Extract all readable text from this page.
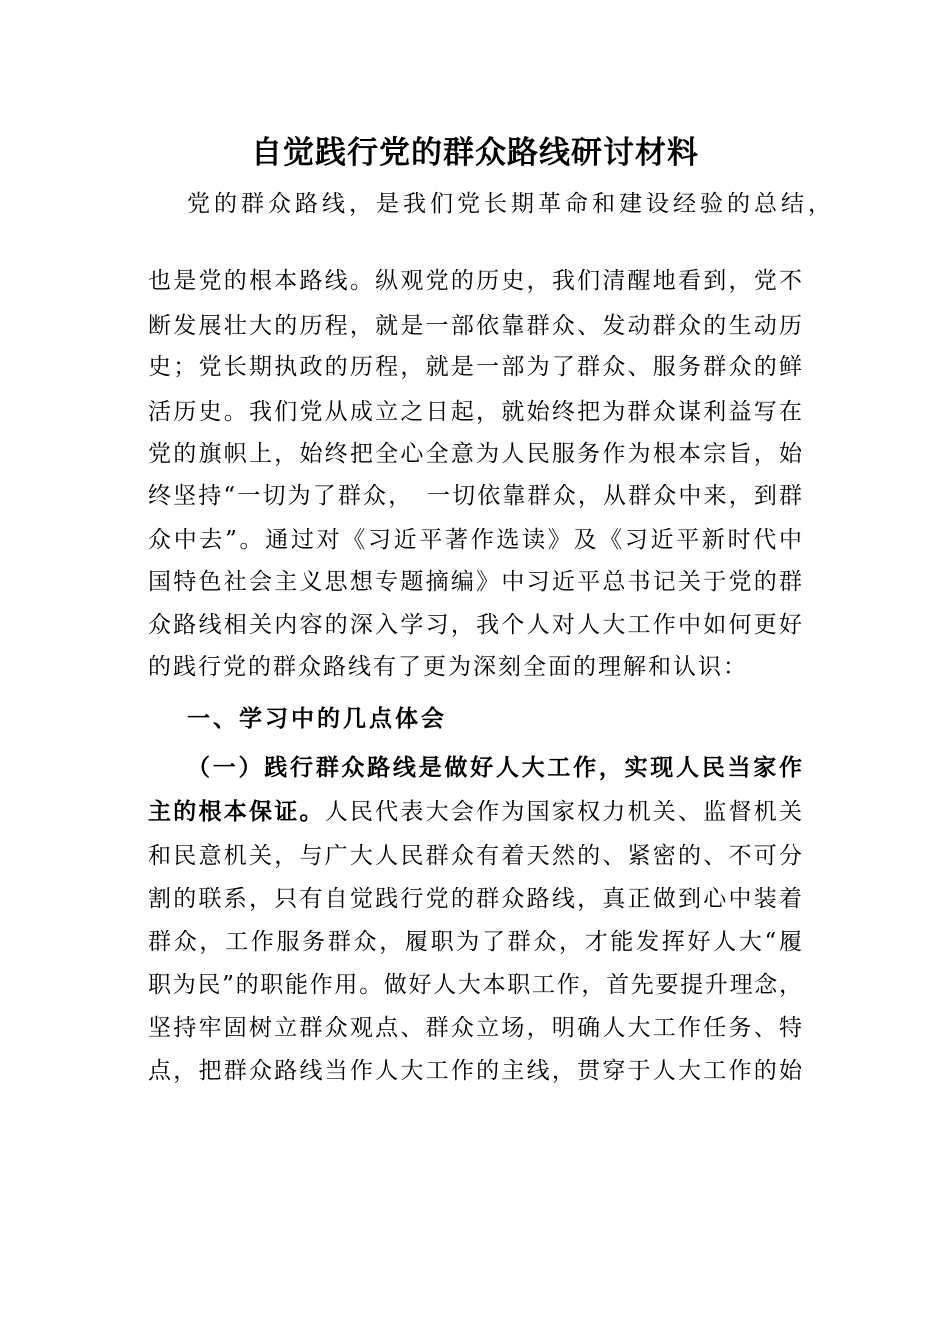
自觉践行党的群众路线研讨材料
党的群众路线，是我们党长期革命和建设经验的总结，
也是党的根本路线。纵观党的历史，我们清醒地看到，党不
断发展壮大的历程，就是一部依靠群众、发动群众的生动历
史；党长期执政的历程，就是一部为了群众、服务群众的鲜
活历史。我们党从成立之日起，就始终把为群众谋利益写在
党的旗帜上，始终把全心全意为人民服务作为根本宗旨，始
终坚持“一切为了群众，　一切依靠群众，从群众中来，到群
众中去”。通过对《习近平著作选读》及《习近平新时代中
国特色社会主义思想专题摘编》中习近平总书记关于党的群
众路线相关内容的深入学习，我个人对人大工作中如何更好
的践行党的群众路线有了更为深刻全面的理解和认识：
一、学习中的几点体会
（一）践行群众路线是做好人大工作，实现人民当家作
主的根本保证。人民代表大会作为国家权力机关、监督机关
和民意机关，与广大人民群众有着天然的、紧密的、不可分
割的联系，只有自觉践行党的群众路线，真正做到心中装着
群众，工作服务群众，履职为了群众，才能发挥好人大“履
职为民”的职能作用。做好人大本职工作，首先要提升理念，
坚持牢固树立群众观点、群众立场，明确人大工作任务、特
点，把群众路线当作人大工作的主线，贯穿于人大工作的始
